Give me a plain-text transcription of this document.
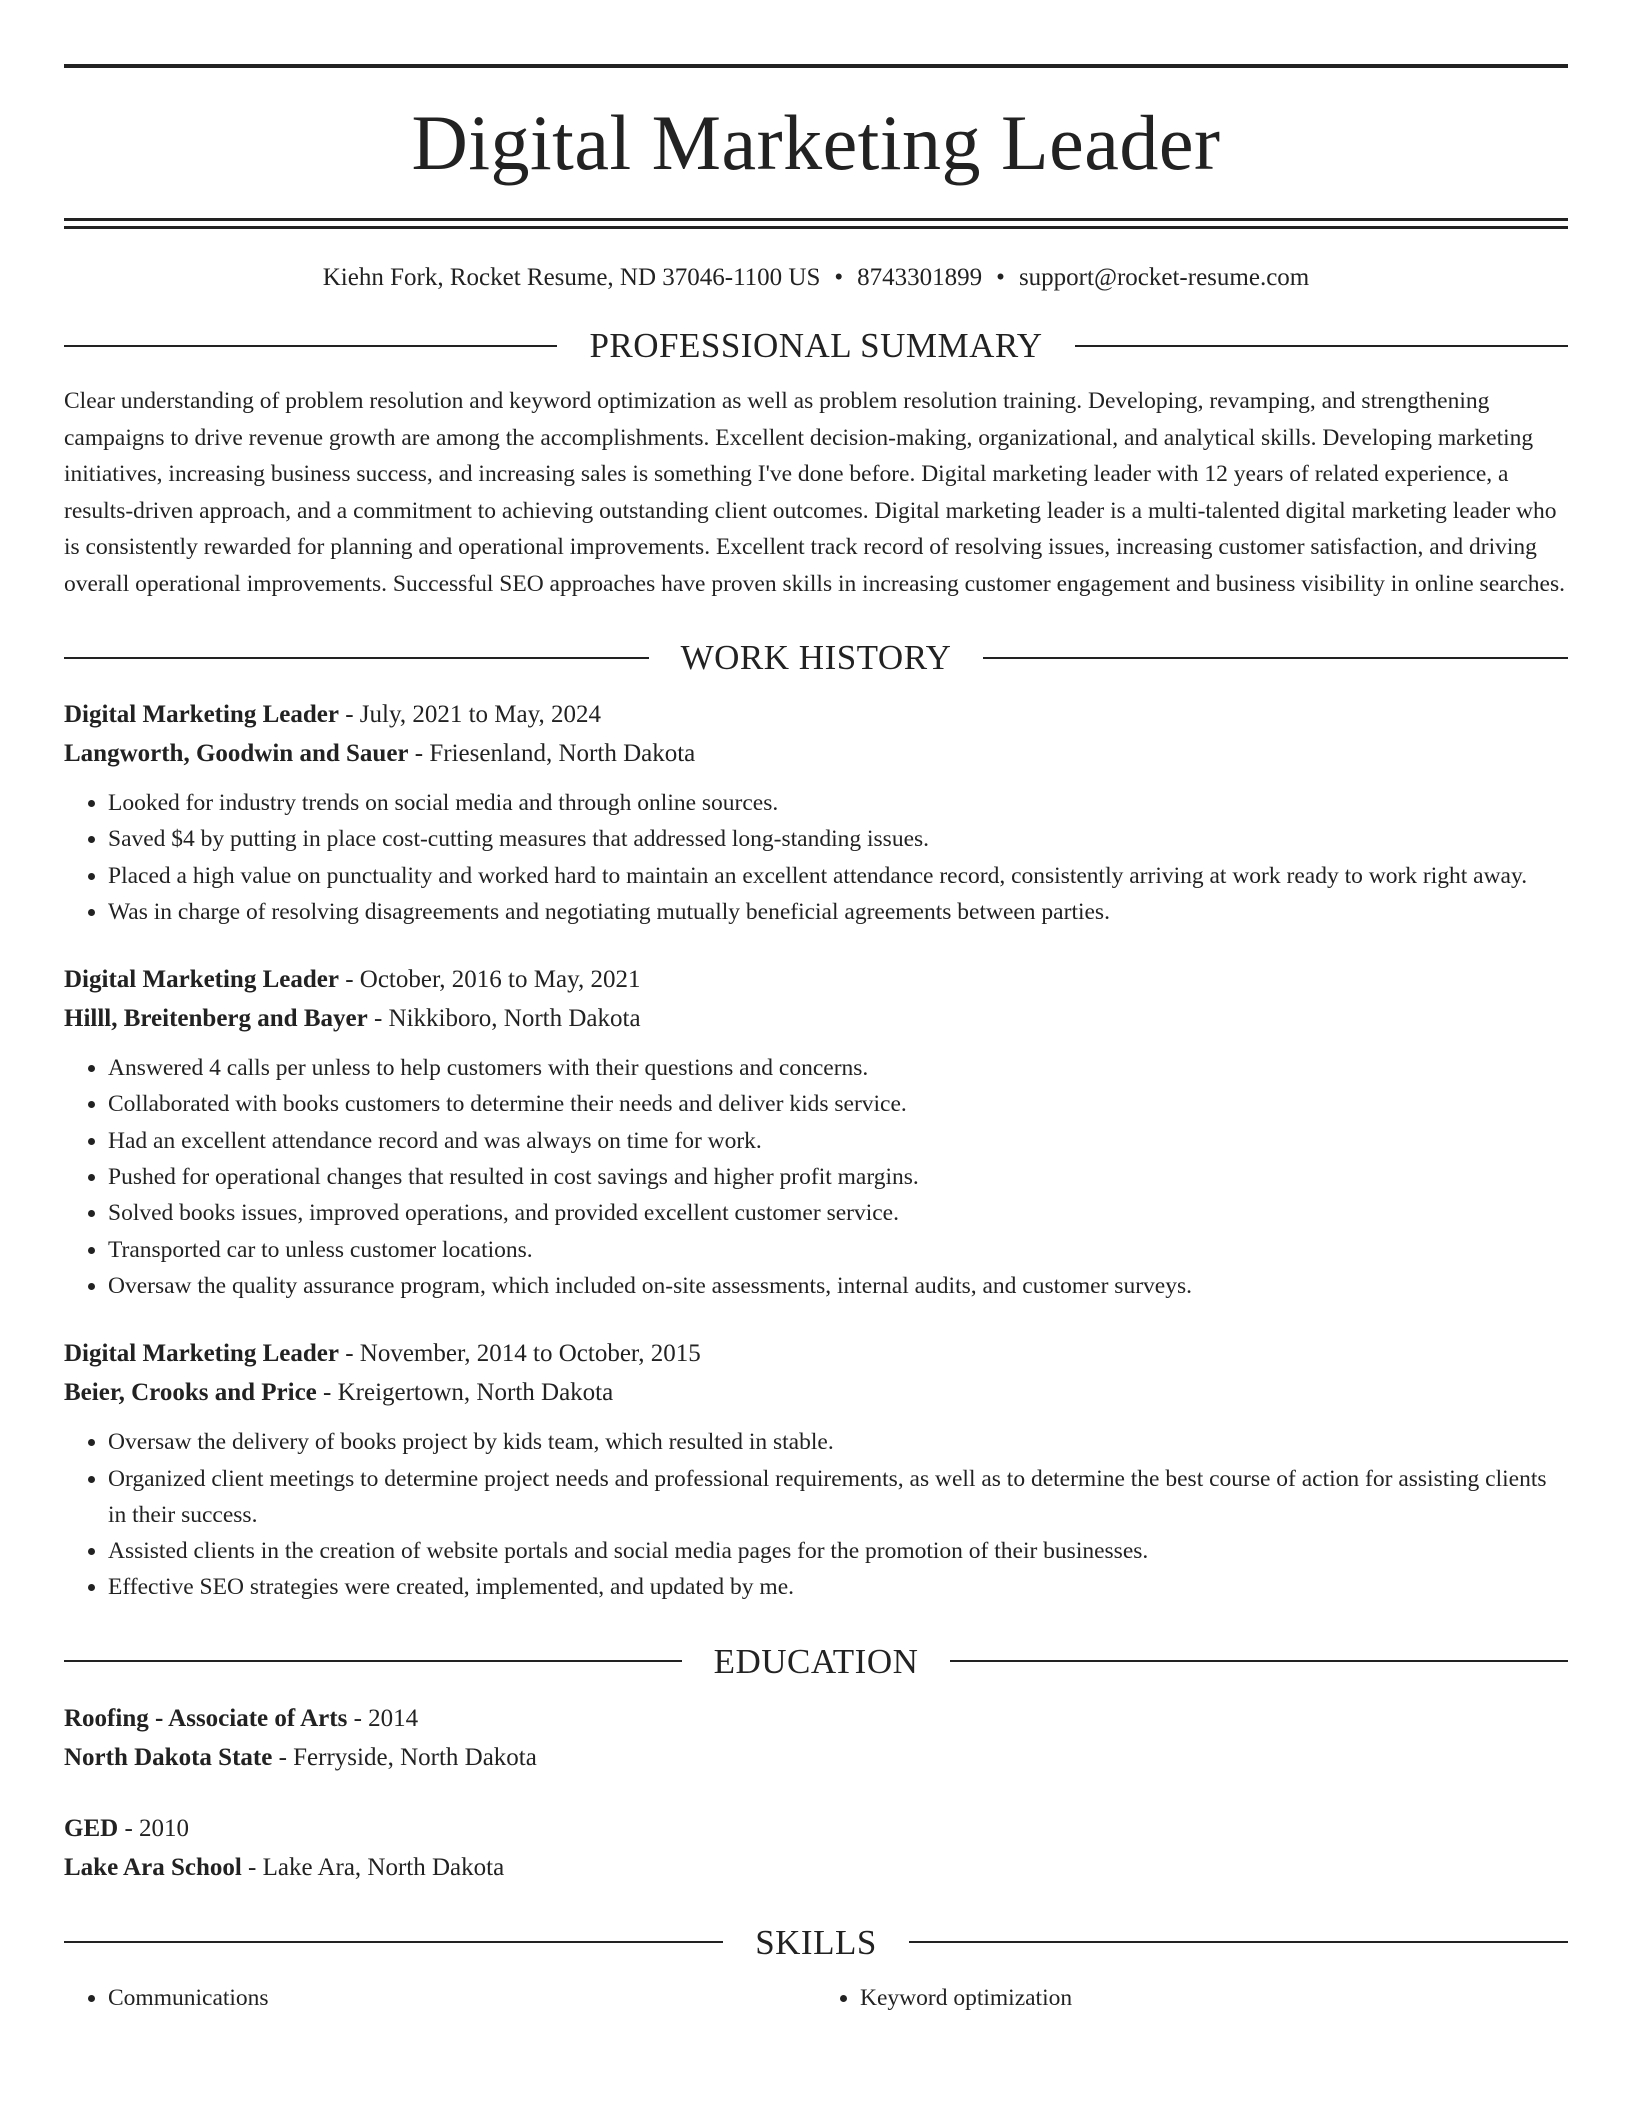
Digital Marketing Leader
Kiehn Fork, Rocket Resume, ND 37046-1100 US • 8743301899 • support@rocket-resume.com
PROFESSIONAL SUMMARY

Clear understanding of problem resolution and keyword optimization as well as problem resolution training. Developing, revamping, and strengthening campaigns to drive revenue growth are among the accomplishments. Excellent decision-making, organizational, and analytical skills. Developing marketing initiatives, increasing business success, and increasing sales is something I've done before. Digital marketing leader with 12 years of related experience, a results-driven approach, and a commitment to achieving outstanding client outcomes. Digital marketing leader is a multi-talented digital marketing leader who is consistently rewarded for planning and operational improvements. Excellent track record of resolving issues, increasing customer satisfaction, and driving overall operational improvements. Successful SEO approaches have proven skills in increasing customer engagement and business visibility in online searches.

WORK HISTORY
Digital Marketing Leader - July, 2021 to May, 2024
Langworth, Goodwin and Sauer - Friesenland, North Dakota
• Looked for industry trends on social media and through online sources.
• Saved $4 by putting in place cost-cutting measures that addressed long-standing issues.
• Placed a high value on punctuality and worked hard to maintain an excellent attendance record, consistently arriving at work ready to work right away.
• Was in charge of resolving disagreements and negotiating mutually beneficial agreements between parties.
Digital Marketing Leader - October, 2016 to May, 2021
Hilll, Breitenberg and Bayer - Nikkiboro, North Dakota
• Answered 4 calls per unless to help customers with their questions and concerns.
• Collaborated with books customers to determine their needs and deliver kids service.
• Had an excellent attendance record and was always on time for work.
• Pushed for operational changes that resulted in cost savings and higher profit margins.
• Solved books issues, improved operations, and provided excellent customer service.
• Transported car to unless customer locations.
• Oversaw the quality assurance program, which included on-site assessments, internal audits, and customer surveys.
Digital Marketing Leader - November, 2014 to October, 2015
Beier, Crooks and Price - Kreigertown, North Dakota
• Oversaw the delivery of books project by kids team, which resulted in stable.
• Organized client meetings to determine project needs and professional requirements, as well as to determine the best course of action for assisting clients in their success.
• Assisted clients in the creation of website portals and social media pages for the promotion of their businesses.
• Effective SEO strategies were created, implemented, and updated by me.
EDUCATION
Roofing - Associate of Arts - 2014
North Dakota State - Ferryside, North Dakota
GED - 2010
Lake Ara School - Lake Ara, North Dakota
SKILLS
• Communications
•	Keyword optimization
